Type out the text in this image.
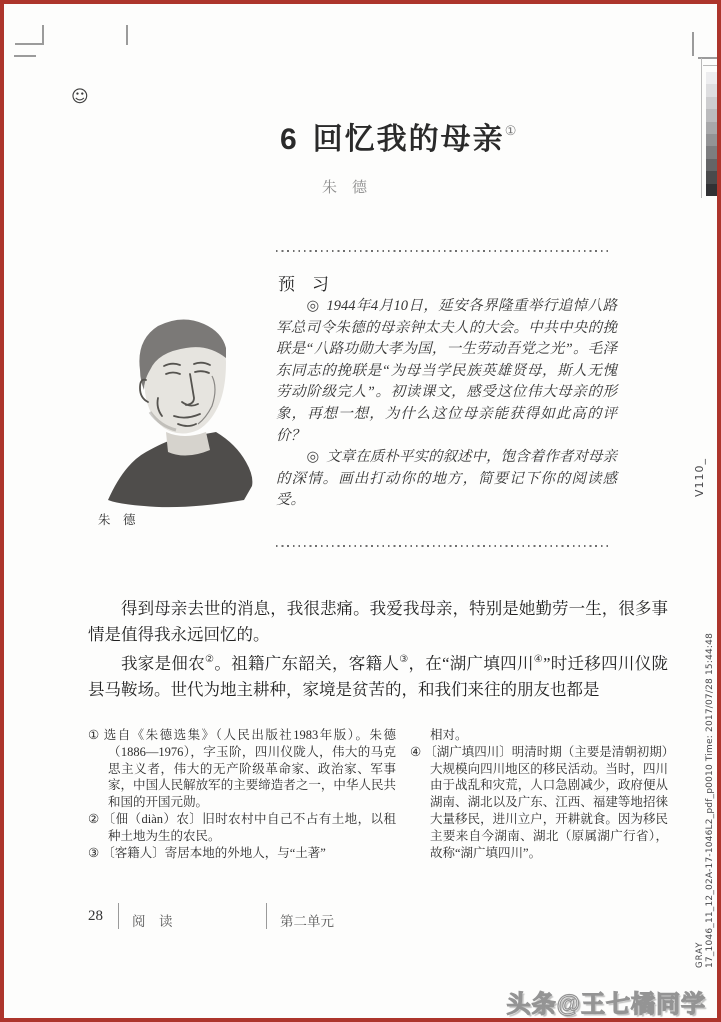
☺
6 回忆我的母亲①
朱　德
预　习

◎ 1944年4月10日，延安各界隆重举行追悼八路军总司令朱德的母亲钟太夫人的大会。中共中央的挽联是“八路功勋大孝为国，一生劳动吾党之光”。毛泽东同志的挽联是“为母当学民族英雄贤母，斯人无愧劳动阶级完人”。初读课文，感受这位伟大母亲的形象，再想一想，为什么这位母亲能获得如此高的评价？

◎ 文章在质朴平实的叙述中，饱含着作者对母亲的深情。画出打动你的地方，简要记下你的阅读感受。

朱　德

得到母亲去世的消息，我很悲痛。我爱我母亲，特别是她勤劳一生，很多事情是值得我永远回忆的。

我家是佃农②。祖籍广东韶关，客籍人③，在“湖广填四川④”时迁移四川仪陇县马鞍场。世代为地主耕种，家境是贫苦的，和我们来往的朋友也都是

① 选自《朱德选集》（人民出版社1983年版）。朱德（1886—1976），字玉阶，四川仪陇人，伟大的马克思主义者，伟大的无产阶级革命家、政治家、军事家，中国人民解放军的主要缔造者之一，中华人民共和国的开国元勋。
② 〔佃（diàn）农〕旧时农村中自己不占有土地，以租种土地为生的农民。
③ 〔客籍人〕寄居本地的外地人，与“土著”
相对。
④ 〔湖广填四川〕明清时期（主要是清朝初期）大规模向四川地区的移民活动。当时，四川由于战乱和灾荒，人口急剧减少，政府便从湖南、湖北以及广东、江西、福建等地招徕大量移民，进川立户，开耕就食。因为移民主要来自今湖南、湖北（原属湖广行省），故称“湖广填四川”。
28 阅　读	第二单元
V110_
17_1046_11_12_02A-17-1046L2_pdf_p0010 Time: 2017/07/28 15:44:48
GRAY
头条@王七橘同学
